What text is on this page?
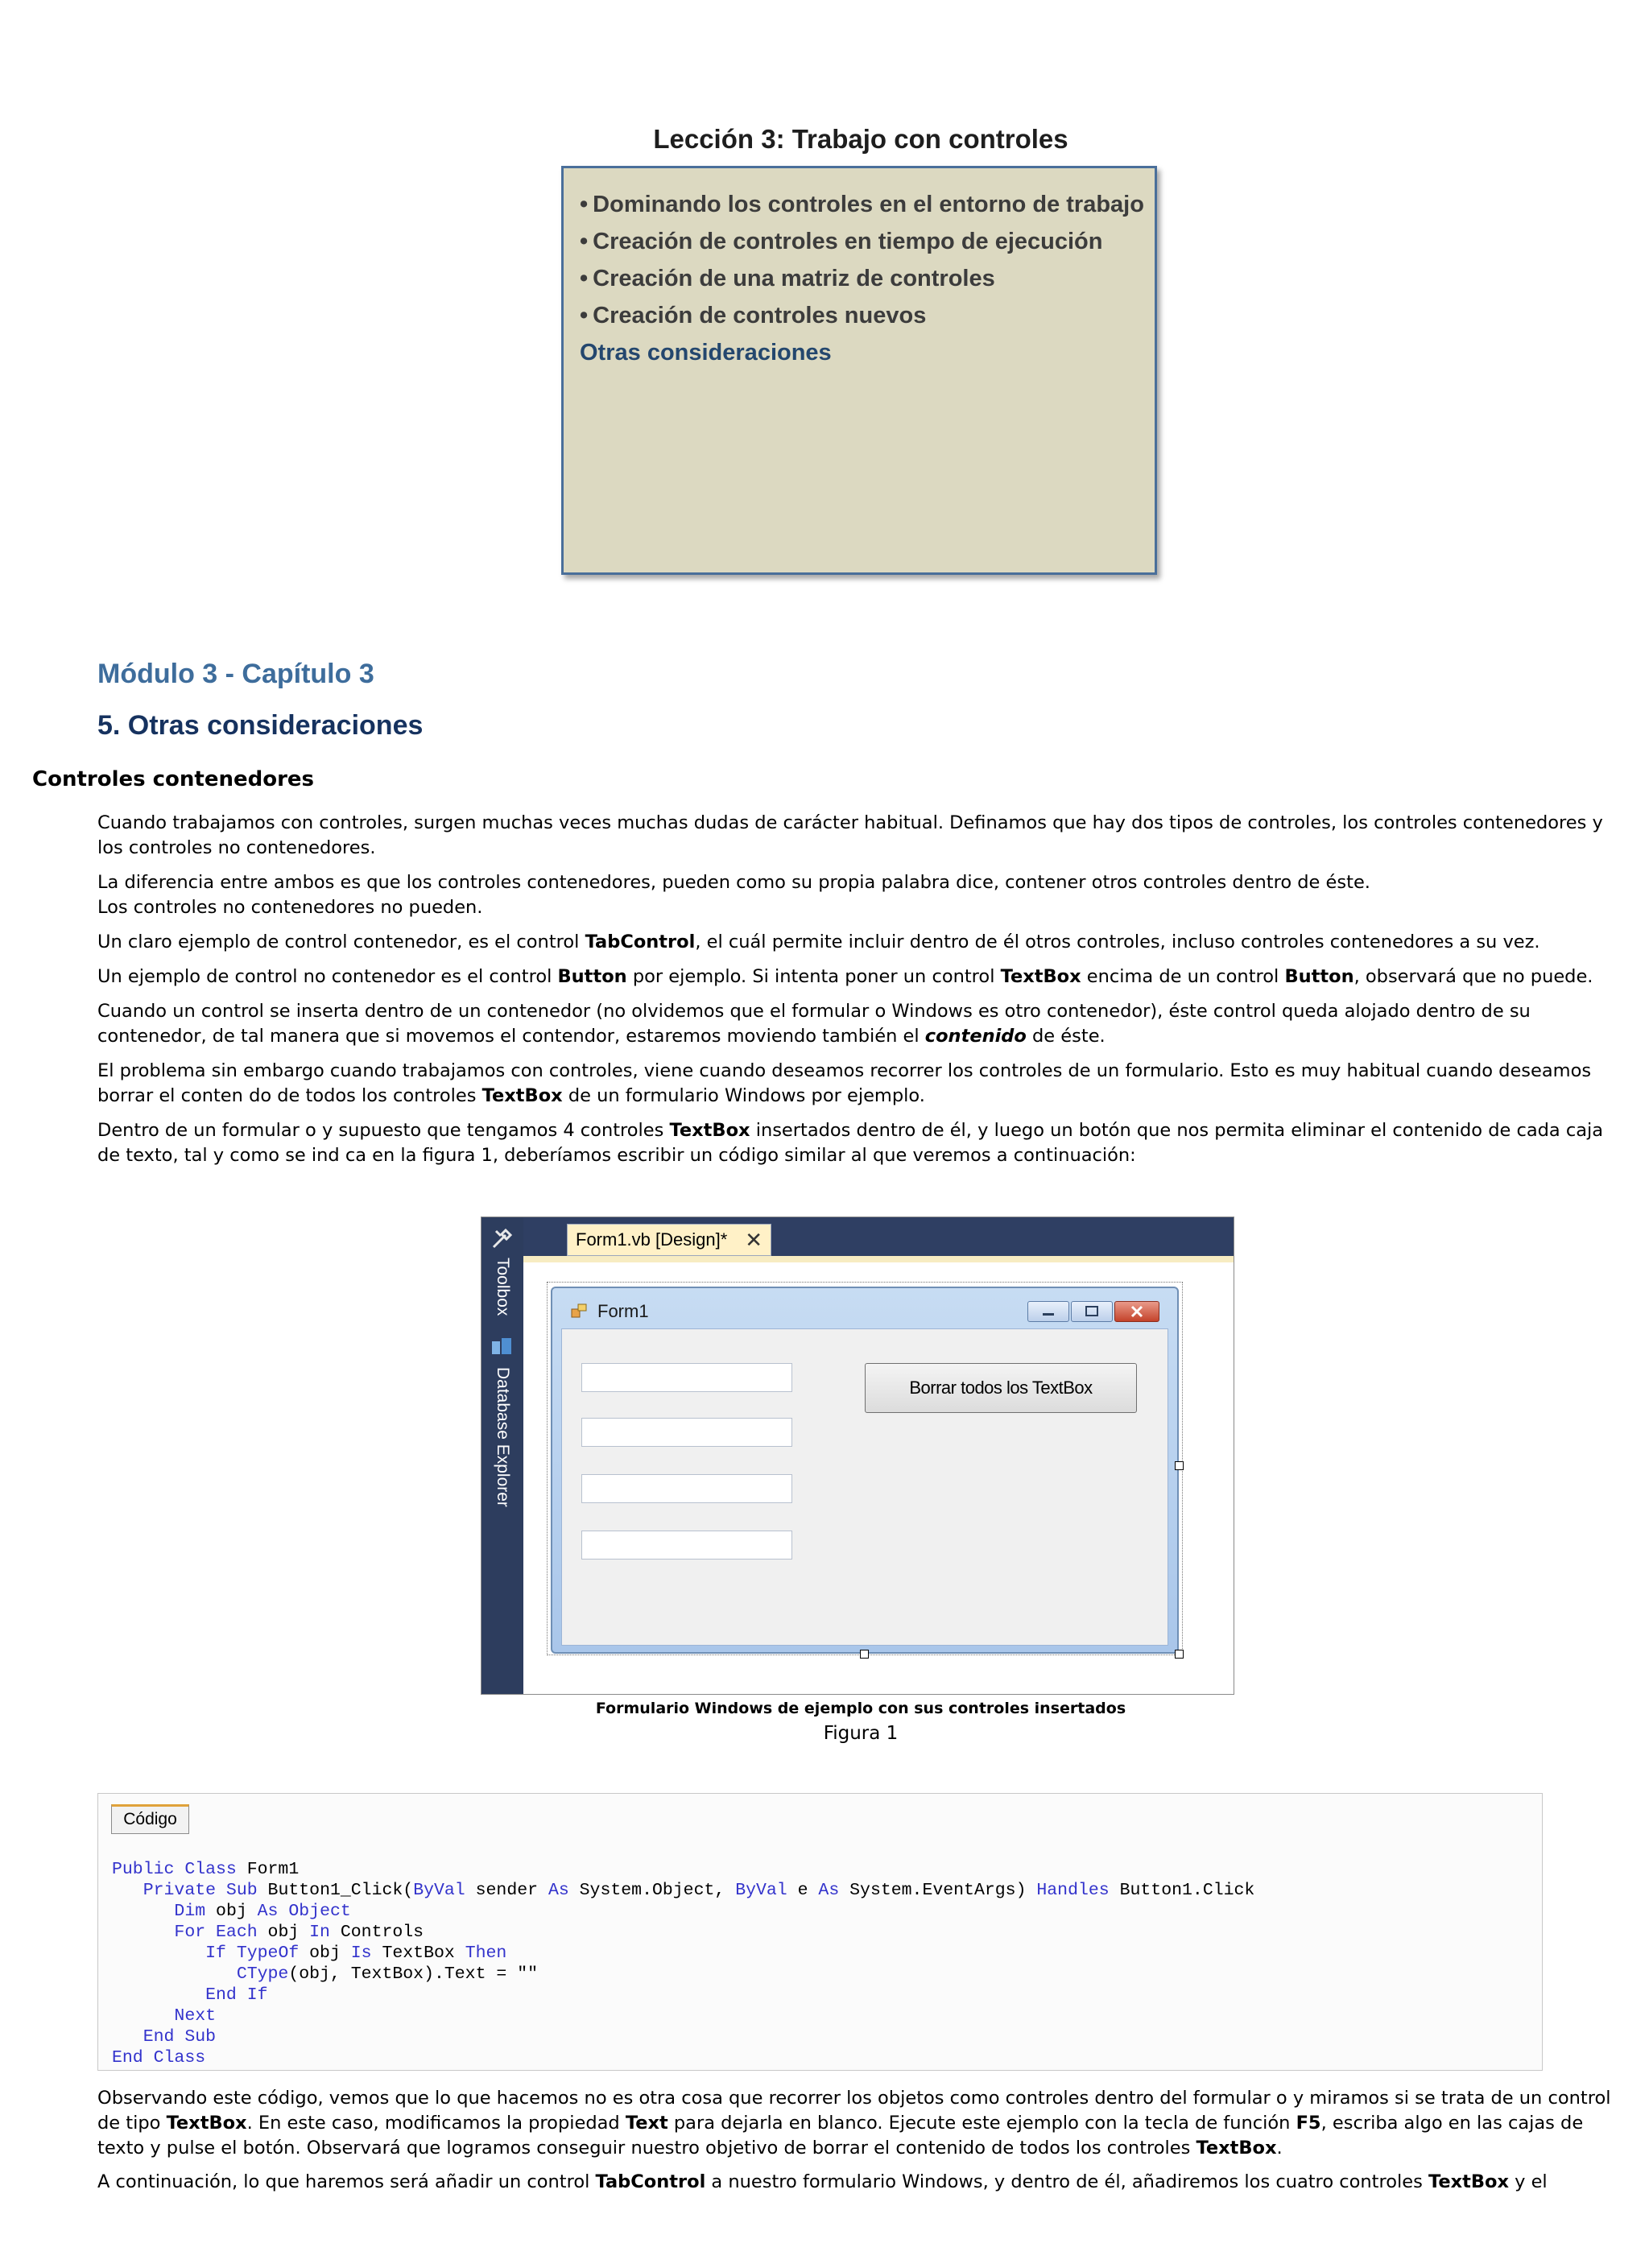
Lección 3: Trabajo con controles
• Dominando los controles en el entorno de trabajo
• Creación de controles en tiempo de ejecución
• Creación de una matriz de controles
• Creación de controles nuevos
Otras consideraciones
Módulo 3 - Capítulo 3
5. Otras consideraciones
Controles contenedores

Cuando trabajamos con controles, surgen muchas veces muchas dudas de carácter habitual. Definamos que hay dos tipos de controles, los controles contenedores y los controles no contenedores.

La diferencia entre ambos es que los controles contenedores, pueden como su propia palabra dice, contener otros controles dentro de éste.
Los controles no contenedores no pueden.

Un claro ejemplo de control contenedor, es el control TabControl, el cuál permite incluir dentro de él otros controles, incluso controles contenedores a su vez.

Un ejemplo de control no contenedor es el control Button por ejemplo. Si intenta poner un control TextBox encima de un control Button, observará que no puede.

Cuando un control se inserta dentro de un contenedor (no olvidemos que el formular o Windows es otro contenedor), éste control queda alojado dentro de su contenedor, de tal manera que si movemos el contendor, estaremos moviendo también el contenido de éste.

El problema sin embargo cuando trabajamos con controles, viene cuando deseamos recorrer los controles de un formulario. Esto es muy habitual cuando deseamos borrar el conten do de todos los controles TextBox de un formulario Windows por ejemplo.

Dentro de un formular o y supuesto que tengamos 4 controles TextBox insertados dentro de él, y luego un botón que nos permita eliminar el contenido de cada caja de texto, tal y como se ind ca en la figura 1, deberíamos escribir un código similar al que veremos a continuación:

Toolbox
Database Explorer
Form1.vb [Design]* ✕
Form1
Borrar todos los TextBox
Formulario Windows de ejemplo con sus controles insertados
Figura 1
Código
Public Class Form1
Private Sub Button1_Click(ByVal sender As System.Object, ByVal e As System.EventArgs) Handles Button1.Click
Dim obj As Object
For Each obj In Controls
If TypeOf obj Is TextBox Then
CType(obj, TextBox).Text = ""
End If
Next
End Sub
End Class

Observando este código, vemos que lo que hacemos no es otra cosa que recorrer los objetos como controles dentro del formular o y miramos si se trata de un control de tipo TextBox. En este caso, modificamos la propiedad Text para dejarla en blanco. Ejecute este ejemplo con la tecla de función F5, escriba algo en las cajas de texto y pulse el botón. Observará que logramos conseguir nuestro objetivo de borrar el contenido de todos los controles TextBox.

A continuación, lo que haremos será añadir un control TabControl a nuestro formulario Windows, y dentro de él, añadiremos los cuatro controles TextBox y el
